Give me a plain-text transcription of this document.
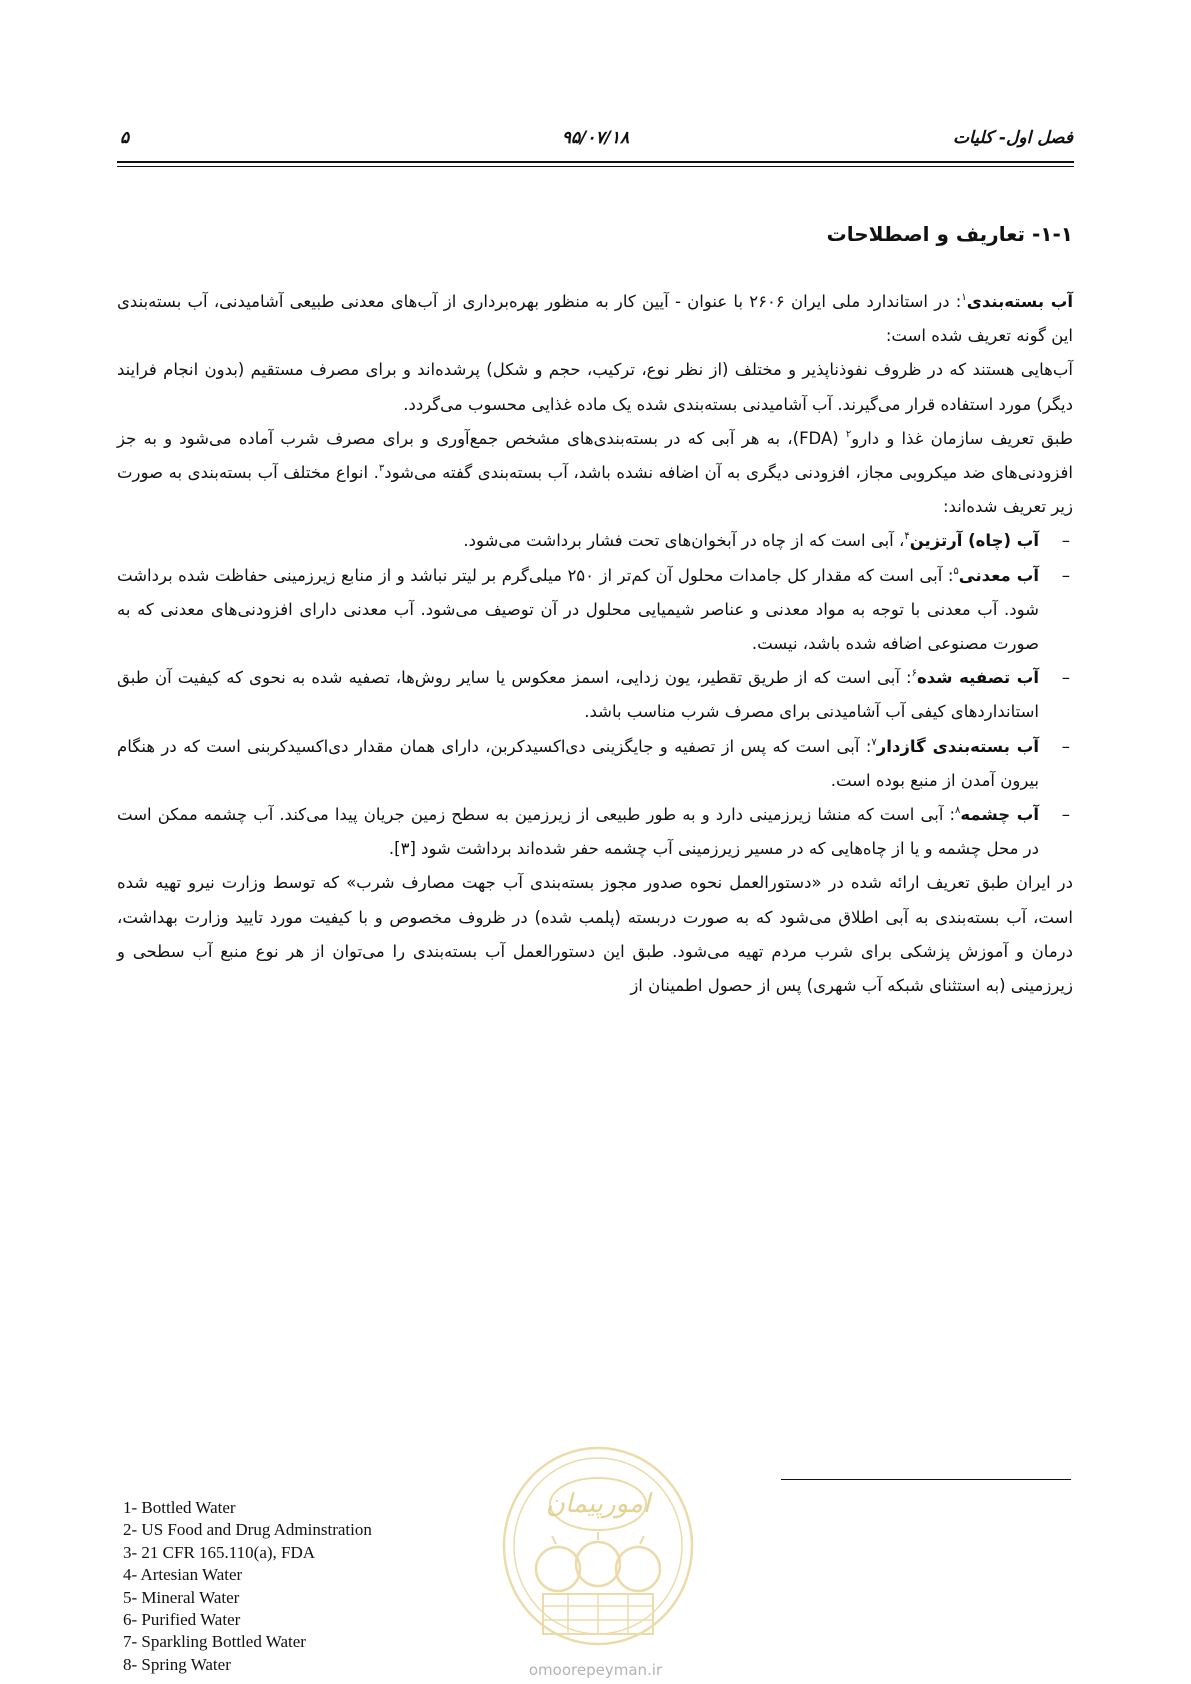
فصل اول- کلیات
۹۵/۰۷/۱۸
۵
۱-۱- تعاریف و اصطلاحات

آب بسته‌بندی$^۱$: در استاندارد ملی ایران ۲۶۰۶ با عنوان - آیین کار به منظور بهره‌برداری از آب‌های معدنی طبیعی آشامیدنی، آب بسته‌بندی این گونه تعریف شده است:

آب‌هایی هستند که در ظروف نفوذناپذیر و مختلف (از نظر نوع، ترکیب، حجم و شکل) پرشده‌اند و برای مصرف مستقیم (بدون انجام فرایند دیگر) مورد استفاده قرار می‌گیرند. آب آشامیدنی بسته‌بندی شده یک ماده غذایی محسوب می‌گردد.

طبق تعریف سازمان غذا و دارو$^۲$ (FDA)، به هر آبی که در بسته‌بندی‌های مشخص جمع‌آوری و برای مصرف شرب آماده می‌شود و به جز افزودنی‌های ضد میکروبی مجاز، افزودنی دیگری به آن اضافه نشده باشد، آب بسته‌بندی گفته می‌شود$^۳$. انواع مختلف آب بسته‌بندی به صورت زیر تعریف شده‌اند:

–
آب (چاه) آرتزین$^۴$، آبی است که از چاه در آبخوان‌های تحت فشار برداشت می‌شود.
–
آب معدنی$^۵$: آبی است که مقدار کل جامدات محلول آن کم‌تر از ۲۵۰ میلی‌گرم بر لیتر نباشد و از منابع زیرزمینی حفاظت شده برداشت شود. آب معدنی با توجه به مواد معدنی و عناصر شیمیایی محلول در آن توصیف می‌شود. آب معدنی دارای افزودنی‌های معدنی که به صورت مصنوعی اضافه شده باشد، نیست.
–
آب تصفیه شده$^۶$: آبی است که از طریق تقطیر، یون زدایی، اسمز معکوس یا سایر روش‌ها، تصفیه شده به نحوی که کیفیت آن طبق استانداردهای کیفی آب آشامیدنی برای مصرف شرب مناسب باشد.
–
آب بسته‌بندی گازدار$^۷$: آبی است که پس از تصفیه و جایگزینی دی‌اکسیدکربن، دارای همان مقدار دی‌اکسیدکربنی است که در هنگام بیرون آمدن از منبع بوده است.
–
آب چشمه$^۸$: آبی است که منشا زیرزمینی دارد و به طور طبیعی از زیرزمین به سطح زمین جریان پیدا می‌کند. آب چشمه ممکن است در محل چشمه و یا از چاه‌هایی که در مسیر زیرزمینی آب چشمه حفر شده‌اند برداشت شود [۳].

در ایران طبق تعریف ارائه شده در «دستورالعمل نحوه صدور مجوز بسته‌بندی آب جهت مصارف شرب» که توسط وزارت نیرو تهیه شده است، آب بسته‌بندی به آبی اطلاق می‌شود که به صورت دربسته (پلمب شده) در ظروف مخصوص و با کیفیت مورد تایید وزارت بهداشت، درمان و آموزش پزشکی برای شرب مردم تهیه می‌شود. طبق این دستورالعمل آب بسته‌بندی را می‌توان از هر نوع منبع آب سطحی و زیرزمینی (به استثنای شبکه آب شهری) پس از حصول اطمینان از

1- Bottled Water
2- US Food and Drug Adminstration
3- 21 CFR 165.110(a), FDA
4- Artesian Water
5- Mineral Water
6- Purified Water
7- Sparkling Bottled Water
8- Spring Water
امورپیمان
omoorepeyman.ir
